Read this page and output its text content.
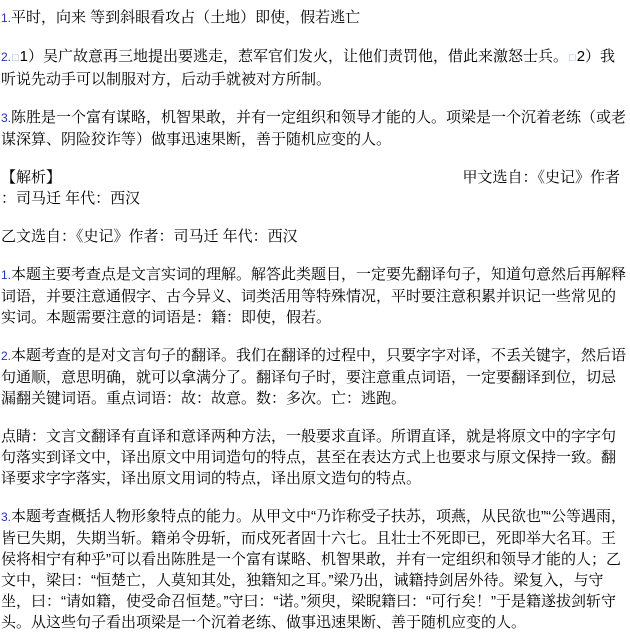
1.平时，向来 等到斜眼看攻占（土地）即使，假若逃亡

2.□1）吴广故意再三地提出要逃走，惹军官们发火，让他们责罚他，借此来激怒士兵。□2）我听说先动手可以制服对方，后动手就被对方所制。

3.陈胜是一个富有谋略，机智果敢，并有一定组织和领导才能的人。项梁是一个沉着老练（或老谋深算、阴险狡诈等）做事迅速果断，善于随机应变的人。

【解析】	甲文选自：《史记》作者
：司马迁 年代：西汉

乙文选自：《史记》作者：司马迁 年代：西汉

1.本题主要考查点是文言实词的理解。解答此类题目，一定要先翻译句子，知道句意然后再解释词语，并要注意通假字、古今异义、词类活用等特殊情况，平时要注意积累并识记一些常见的实词。本题需要注意的词语是：籍：即使，假若。

2.本题考查的是对文言句子的翻译。我们在翻译的过程中，只要字字对译，不丢关键字，然后语句通顺，意思明确，就可以拿满分了。翻译句子时，要注意重点词语，一定要翻译到位，切忌漏翻关键词语。重点词语：故：故意。数：多次。亡：逃跑。

点睛：文言文翻译有直译和意译两种方法，一般要求直译。所谓直译，就是将原文中的字字句句落实到译文中，译出原文中用词造句的特点，甚至在表达方式上也要求与原文保持一致。翻译要求字字落实，译出原文用词的特点，译出原文造句的特点。

3.本题考查概括人物形象特点的能力。从甲文中“乃诈称受子扶苏，项燕，从民欲也”“公等遇雨，皆已失期，失期当斩。籍弟令毋斩，而戍死者固十六七。且壮士不死即已，死即举大名耳。王侯将相宁有种乎”可以看出陈胜是一个富有谋略、机智果敢，并有一定组织和领导才能的人；乙文中，梁曰：“恒楚亡，人莫知其处，独籍知之耳。”梁乃出，诫籍持剑居外待。梁复入，与守坐，曰：“请如籍，使受命召恒楚。”守曰：“诺。”须臾，梁睨籍曰：“可行矣！”于是籍遂拔剑斩守头。从这些句子看出项梁是一个沉着老练、做事迅速果断、善于随机应变的人。
